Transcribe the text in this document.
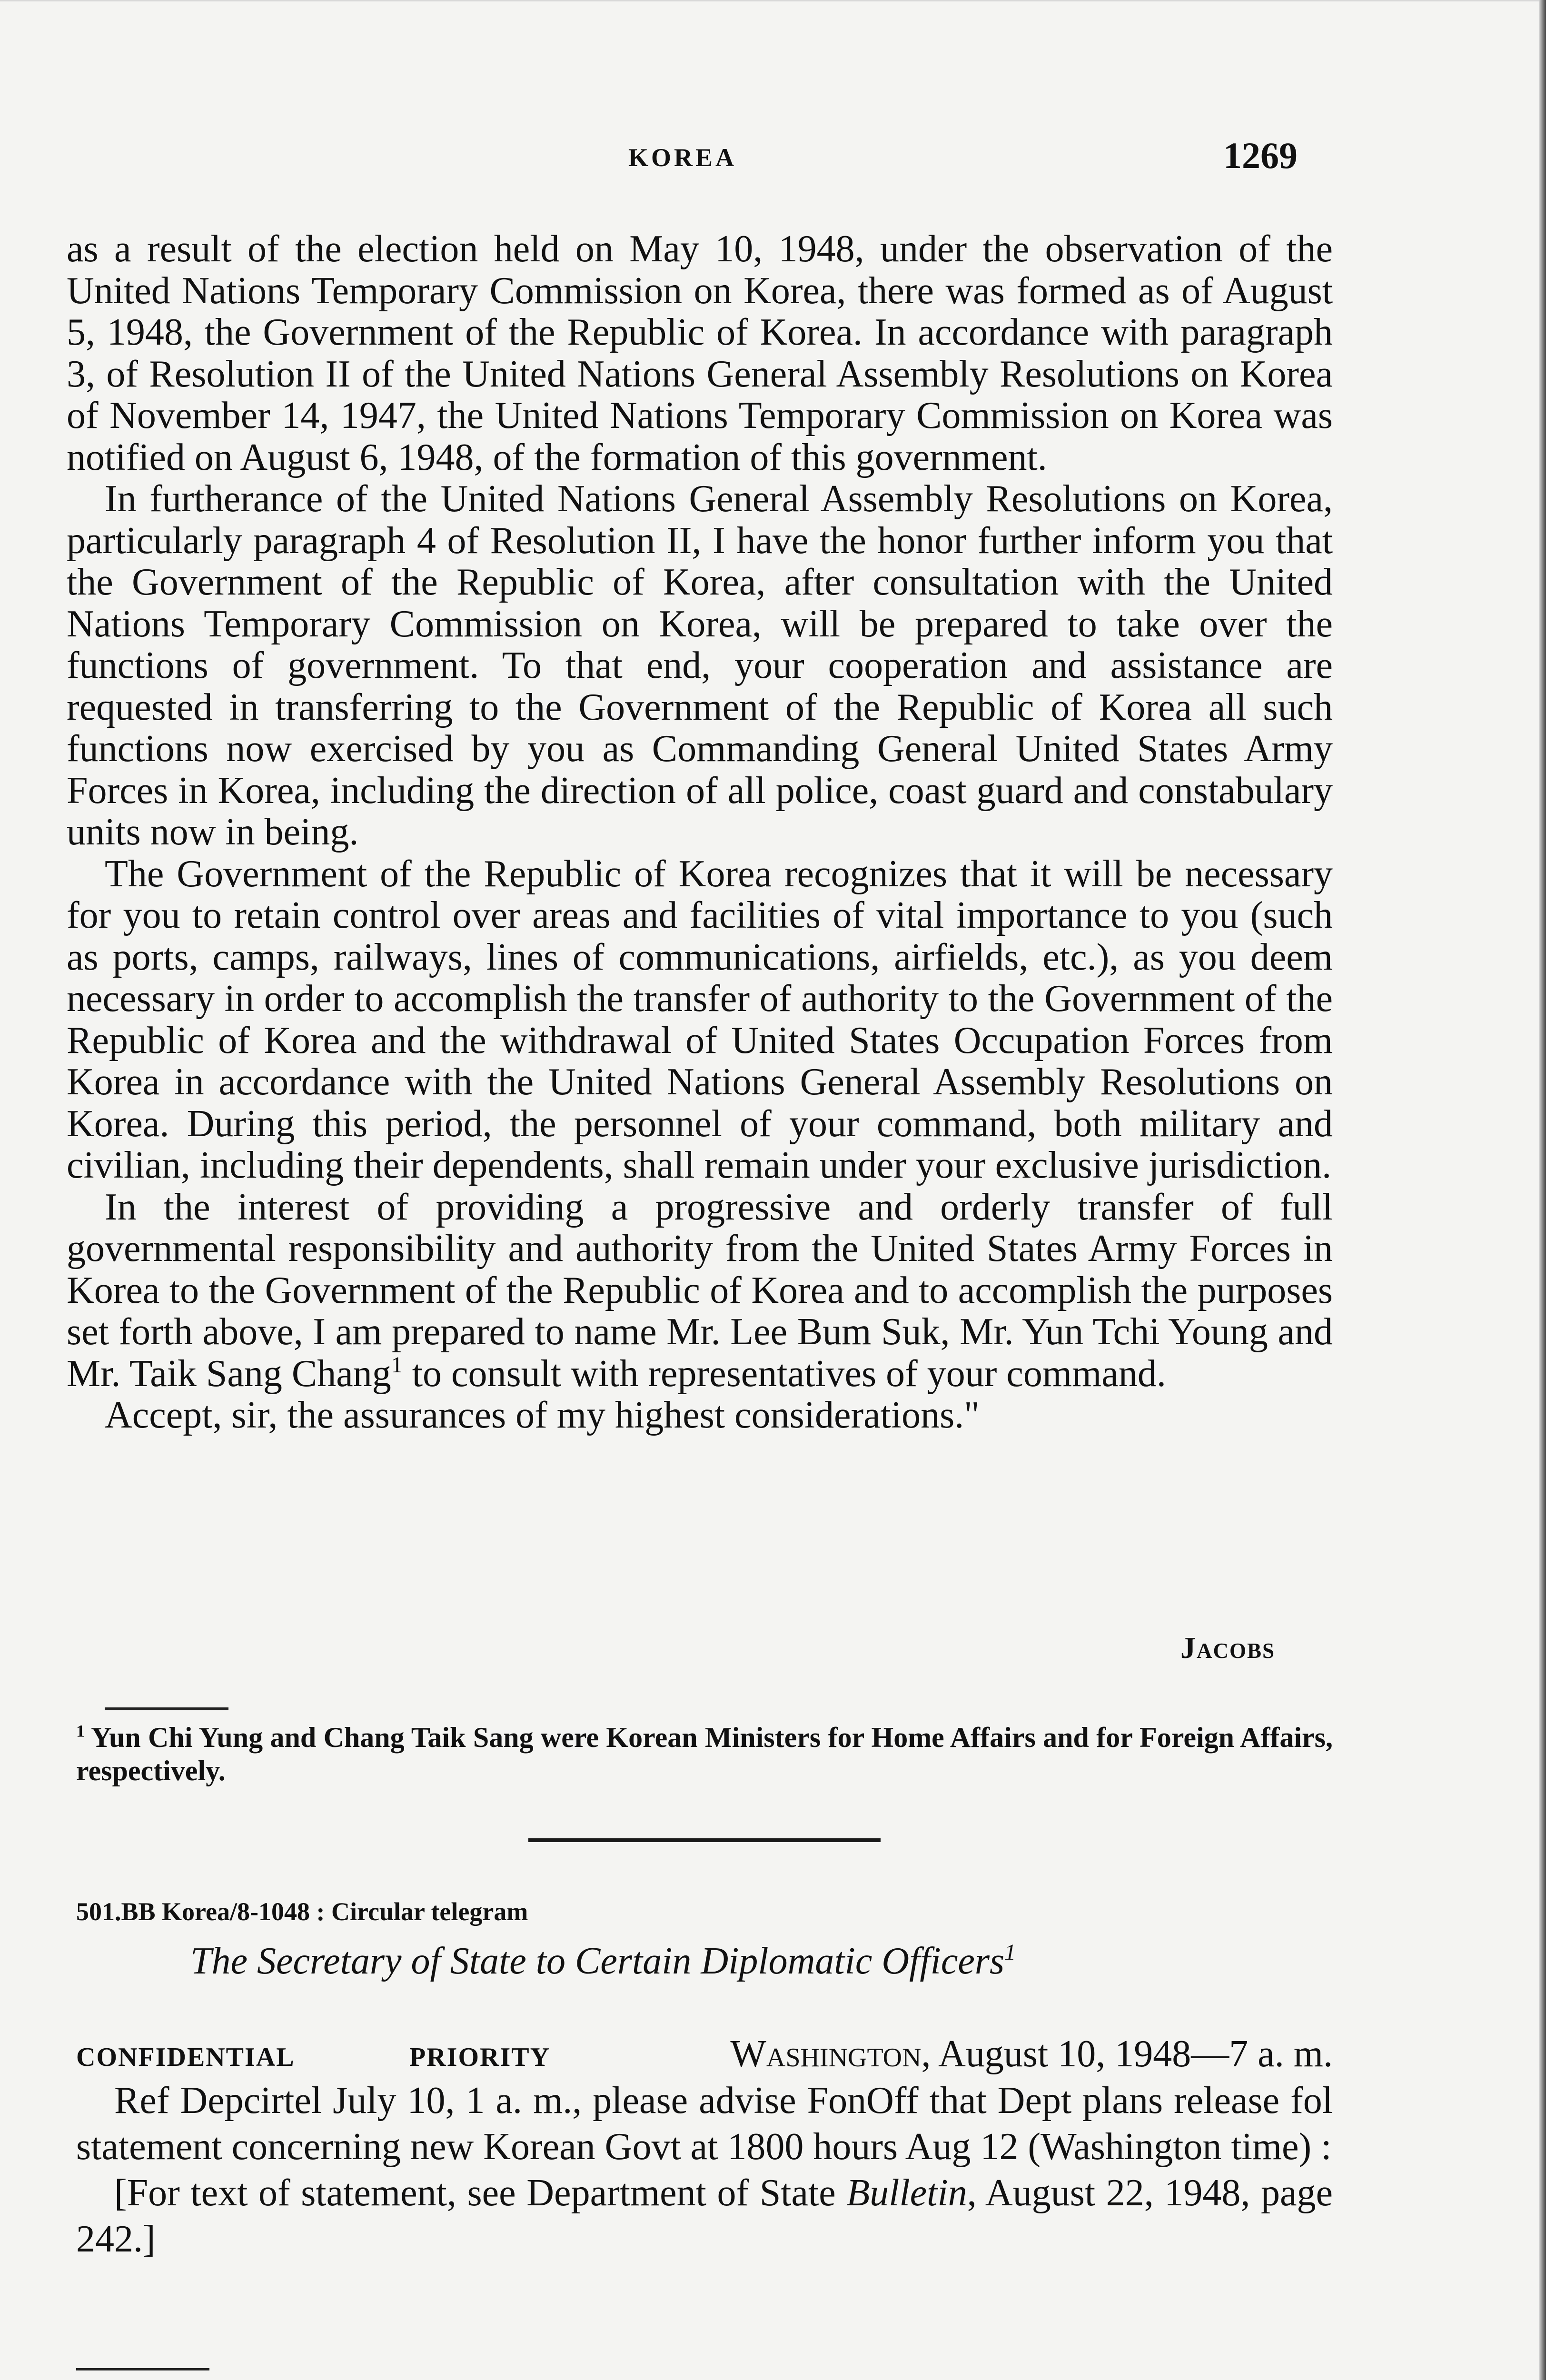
KOREA	1269

as a result of the election held on May 10, 1948, under the observation of the United Nations Temporary Commission on Korea, there was formed as of August 5, 1948, the Government of the Republic of Korea. In accordance with paragraph 3, of Resolution II of the United Nations General Assembly Resolutions on Korea of November 14, 1947, the United Nations Temporary Commission on Korea was notified on August 6, 1948, of the formation of this government.

In furtherance of the United Nations General Assembly Resolutions on Korea, particularly paragraph 4 of Resolution II, I have the honor further inform you that the Government of the Republic of Korea, after consultation with the United Nations Temporary Commission on Korea, will be prepared to take over the functions of government. To that end, your cooperation and assistance are requested in transferring to the Government of the Republic of Korea all such functions now exercised by you as Commanding General United States Army Forces in Korea, including the direction of all police, coast guard and constabulary units now in being.

The Government of the Republic of Korea recognizes that it will be necessary for you to retain control over areas and facilities of vital importance to you (such as ports, camps, railways, lines of communications, airfields, etc.), as you deem necessary in order to accomplish the transfer of authority to the Government of the Republic of Korea and the withdrawal of United States Occupation Forces from Korea in accordance with the United Nations General Assembly Resolutions on Korea. During this period, the personnel of your command, both military and civilian, including their dependents, shall remain under your exclusive jurisdiction.

In the interest of providing a progressive and orderly transfer of full governmental responsibility and authority from the United States Army Forces in Korea to the Government of the Republic of Korea and to accomplish the purposes set forth above, I am prepared to name Mr. Lee Bum Suk, Mr. Yun Tchi Young and Mr. Taik Sang Chang$^1$ to consult with representatives of your command.

Accept, sir, the assurances of my highest considerations."

Jacobs
$^1$ Yun Chi Yung and Chang Taik Sang were Korean Ministers for Home Affairs and for Foreign Affairs, respectively.
501.BB Korea/8-1048 : Circular telegram
The Secretary of State to Certain Diplomatic Officers$^1$
CONFIDENTIAL	PRIORITY	Washington, August 10, 1948—7 a. m.

Ref Depcirtel July 10, 1 a. m., please advise FonOff that Dept plans release fol statement concerning new Korean Govt at 1800 hours Aug 12 (Washington time) :

[For text of statement, see Department of State Bulletin, August 22, 1948, page 242.]
